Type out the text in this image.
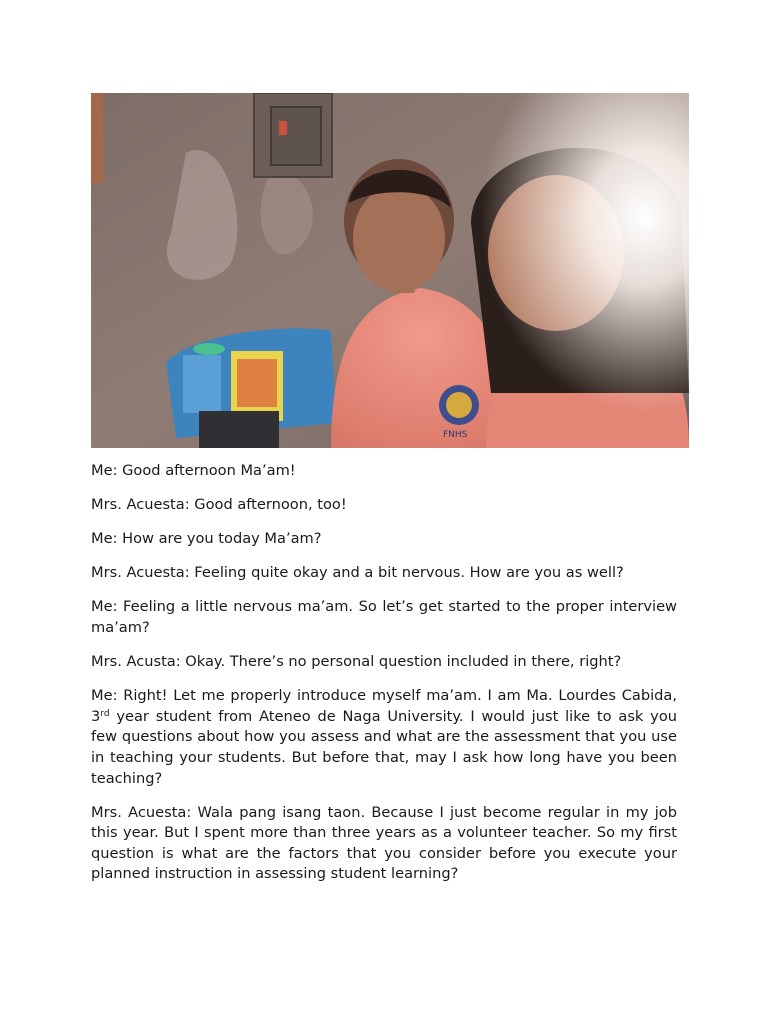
Me: Good afternoon Ma’am!

Mrs. Acuesta: Good afternoon, too!

Me: How are you today Ma’am?

Mrs. Acuesta: Feeling quite okay and a bit nervous. How are you as well?

Me: Feeling a little nervous ma’am. So let’s get started to the proper interview ma’am?

Mrs. Acusta: Okay. There’s no personal question included in there, right?

Me: Right! Let me properly introduce myself ma’am. I am Ma. Lourdes Cabida, 3rd year student from Ateneo de Naga University. I would just like to ask you few questions about how you assess and what are the assessment that you use in teaching your students. But before that, may I ask how long have you been teaching?

Mrs. Acuesta: Wala pang isang taon. Because I just become regular in my job this year. But I spent more than three years as a volunteer teacher. So my first question is what are the factors that you consider before you execute your planned instruction in assessing student learning?
